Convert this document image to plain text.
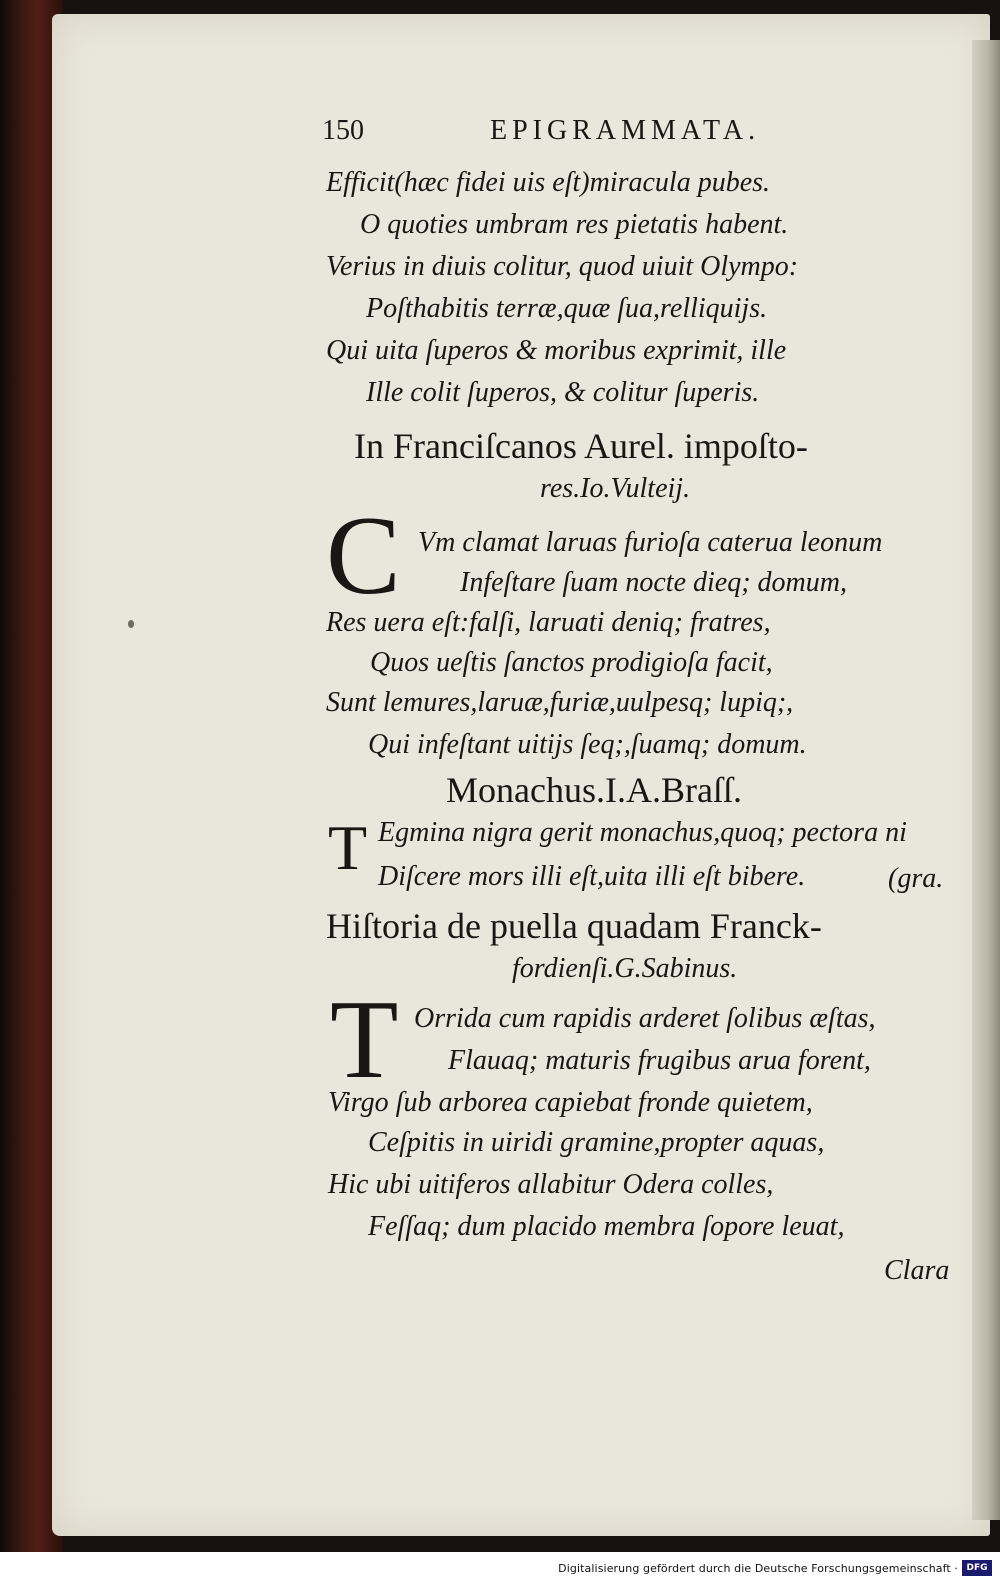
150	EPIGRAMMATA.
Efficit(hæc fidei uis eſt)miracula pubes.
O quoties umbram res pietatis habent.
Verius in diuis colitur, quod uiuit Olympo:
Poſthabitis terræ,quæ ſua,relliquijs.
Qui uita ſuperos & moribus exprimit, ille
Ille colit ſuperos, & colitur ſuperis.
In Franciſcanos Aurel. impoſto-
res.Io.Vulteij.
C Vm clamat laruas furioſa caterua leonum
Infeſtare ſuam nocte dieq; domum,
Res uera eſt:falſi, laruati deniq; fratres,
Quos ueſtis ſanctos prodigioſa facit,
Sunt lemures,laruæ,furiæ,uulpesq; lupiq;,
Qui infeſtant uitijs ſeq;,ſuamq; domum.
Monachus.I.A.Braſſ.
T Egmina nigra gerit monachus,quoq; pectora ni
Diſcere mors illi eſt,uita illi eſt bibere.	(gra.
Hiſtoria de puella quadam Franck-
fordienſi.G.Sabinus.
T Orrida cum rapidis arderet ſolibus æſtas,
Flauaq; maturis frugibus arua forent,
Virgo ſub arborea capiebat fronde quietem,
Ceſpitis in uiridi gramine,propter aquas,
Hic ubi uitiferos allabitur Odera colles,
Feſſaq; dum placido membra ſopore leuat,
Clara
Digitalisierung gefördert durch die Deutsche Forschungsgemeinschaft · DFG
